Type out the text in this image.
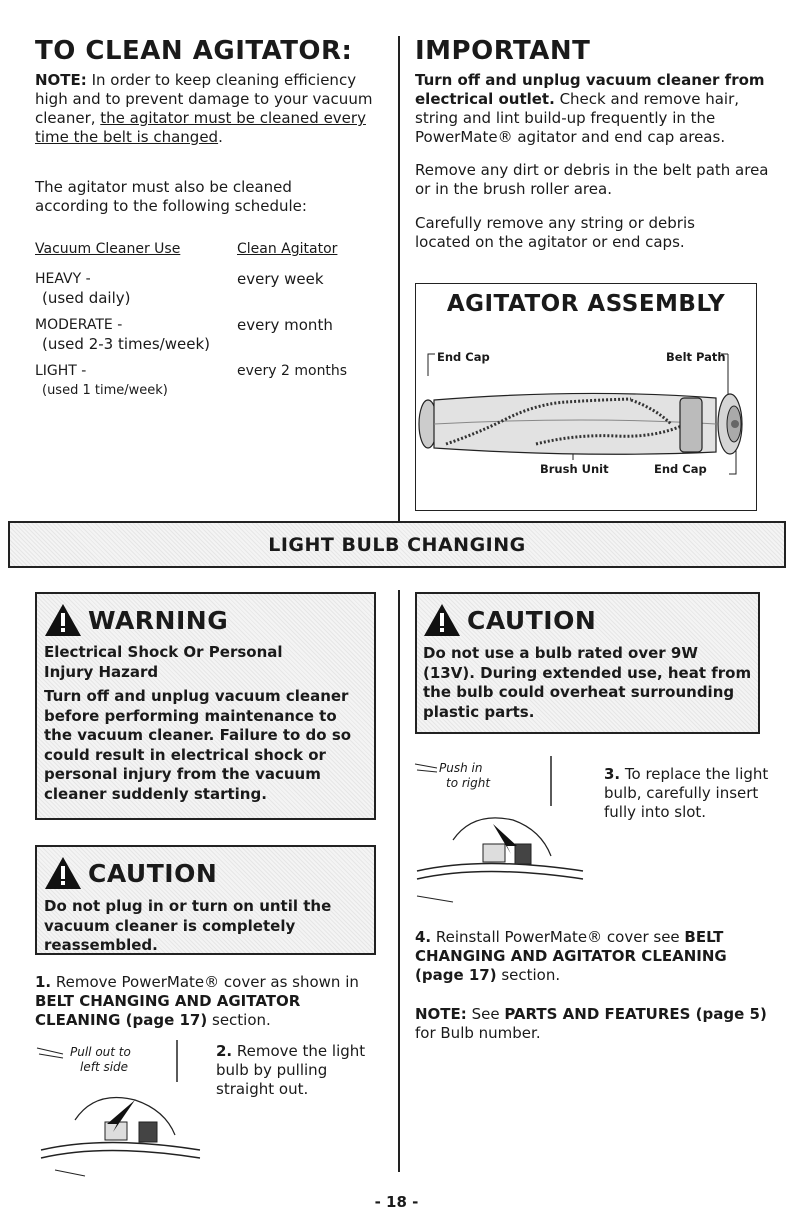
TO CLEAN AGITATOR:
NOTE: In order to keep cleaning efficiency high and to prevent damage to your vacuum cleaner, the agitator must be cleaned every time the belt is changed.
The agitator must also be cleaned according to the following schedule:
Vacuum Cleaner Use	Clean Agitator

HEAVY -
(used daily)	every week

MODERATE -
(used 2-3 times/week)	every month

LIGHT -
(used 1 time/week)	every 2 months
IMPORTANT
Turn off and unplug vacuum cleaner from electrical outlet. Check and remove hair, string and lint build-up frequently in the PowerMate® agitator and end cap areas.
Remove any dirt or debris in the belt path area or in the brush roller area.
Carefully remove any string or debris located on the agitator or end caps.
AGITATOR ASSEMBLY
End Cap	Belt Path
Brush Unit	End Cap
LIGHT BULB CHANGING
WARNING
Electrical Shock Or Personal Injury Hazard
Turn off and unplug vacuum cleaner before performing maintenance to the vacuum cleaner. Failure to do so could result in electrical shock or personal injury from the vacuum cleaner suddenly starting.
CAUTION
Do not plug in or turn on until the vacuum cleaner is completely reassembled.
1. Remove PowerMate® cover as shown in BELT CHANGING AND AGITATOR CLEANING (page 17) section.
Pull out to
left side
2. Remove the light bulb by pulling straight out.
CAUTION
Do not use a bulb rated over 9W (13V). During extended use, heat from the bulb could overheat surrounding plastic parts.
Push in
to right	3. To replace the light bulb, carefully insert fully into slot.
4. Reinstall PowerMate® cover see BELT CHANGING AND AGITATOR CLEANING (page 17) section.
NOTE: See PARTS AND FEATURES (page 5) for Bulb number.
- 18 -
